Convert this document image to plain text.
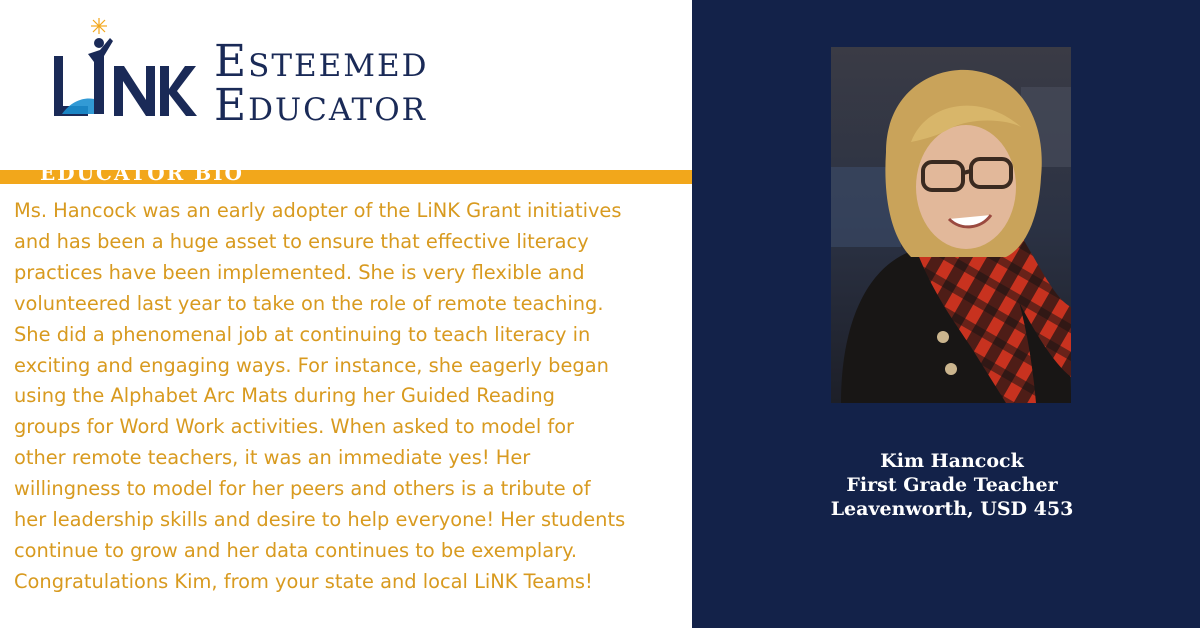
Esteemed
Educator
EDUCATOR BIO
Ms. Hancock was an early adopter of the LiNK Grant initiatives
and has been a huge asset to ensure that effective literacy
practices have been implemented. She is very flexible and
volunteered last year to take on the role of remote teaching.
She did a phenomenal job at continuing to teach literacy in
exciting and engaging ways. For instance, she eagerly began
using the Alphabet Arc Mats during her Guided Reading
groups for Word Work activities. When asked to model for
other remote teachers, it was an immediate yes! Her
willingness to model for her peers and others is a tribute of
her leadership skills and desire to help everyone! Her students
continue to grow and her data continues to be exemplary.
Congratulations Kim, from your state and local LiNK Teams!
Kim Hancock
First Grade Teacher
Leavenworth, USD 453
